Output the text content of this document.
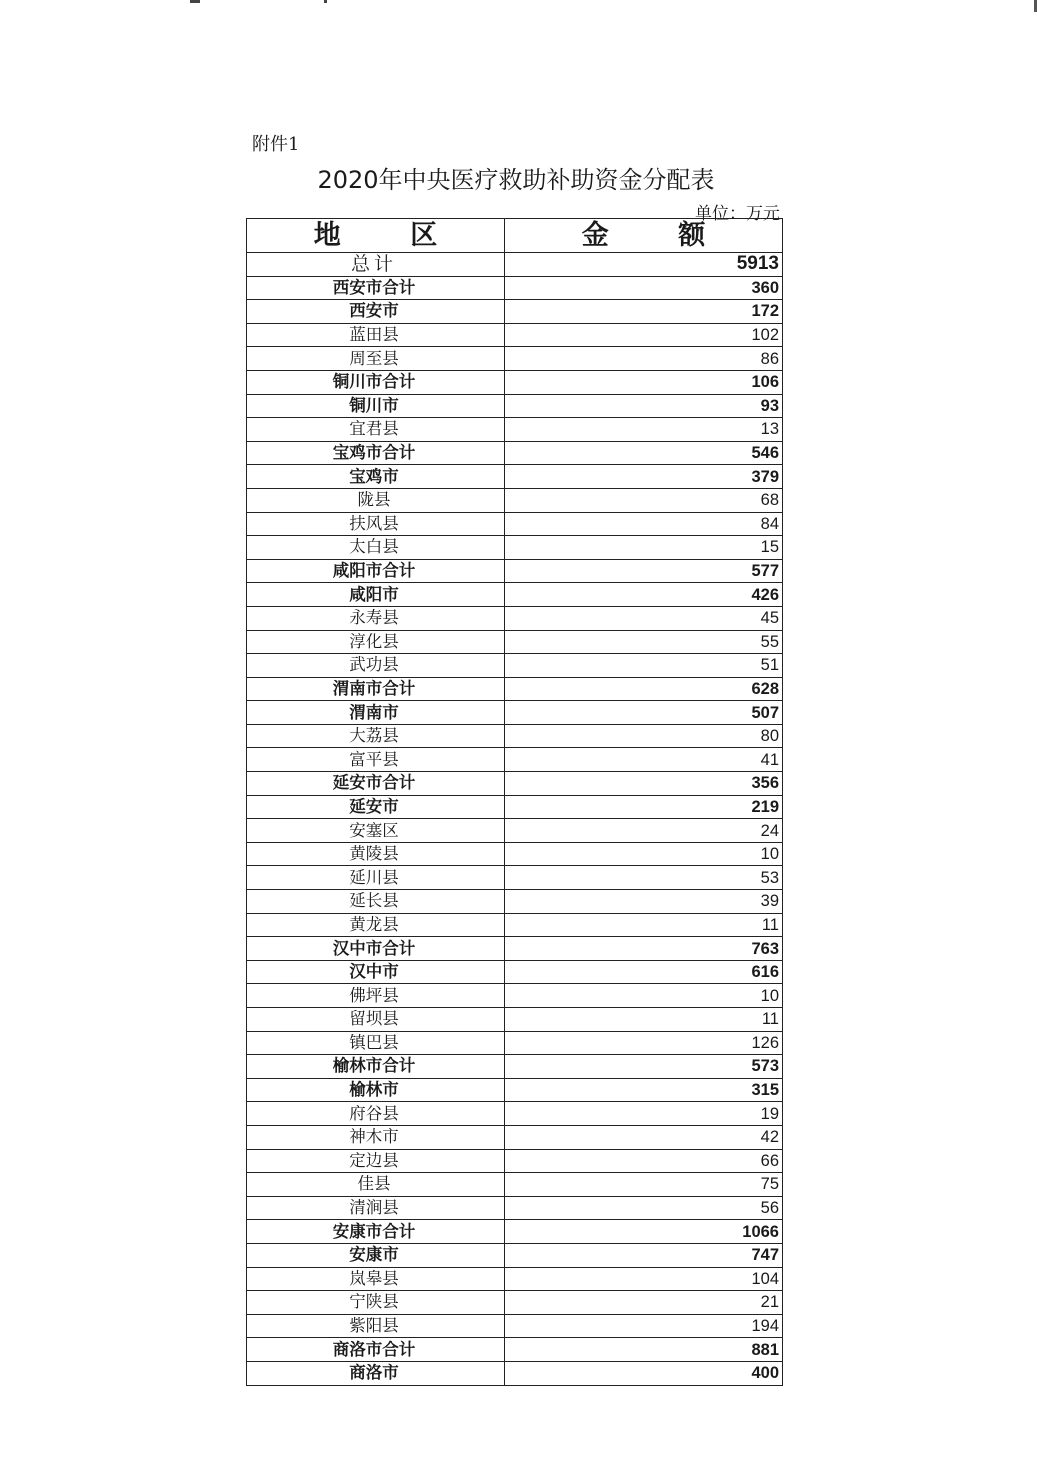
附件1
2020年中央医疗救助补助资金分配表
单位：万元
地 区	金 额
总计	5913
西安市合计	360
西安市	172
蓝田县	102
周至县	86
铜川市合计	106
铜川市	93
宜君县	13
宝鸡市合计	546
宝鸡市	379
陇县	68
扶风县	84
太白县	15
咸阳市合计	577
咸阳市	426
永寿县	45
淳化县	55
武功县	51
渭南市合计	628
渭南市	507
大荔县	80
富平县	41
延安市合计	356
延安市	219
安塞区	24
黄陵县	10
延川县	53
延长县	39
黄龙县	11
汉中市合计	763
汉中市	616
佛坪县	10
留坝县	11
镇巴县	126
榆林市合计	573
榆林市	315
府谷县	19
神木市	42
定边县	66
佳县	75
清涧县	56
安康市合计	1066
安康市	747
岚皋县	104
宁陕县	21
紫阳县	194
商洛市合计	881
商洛市	400
